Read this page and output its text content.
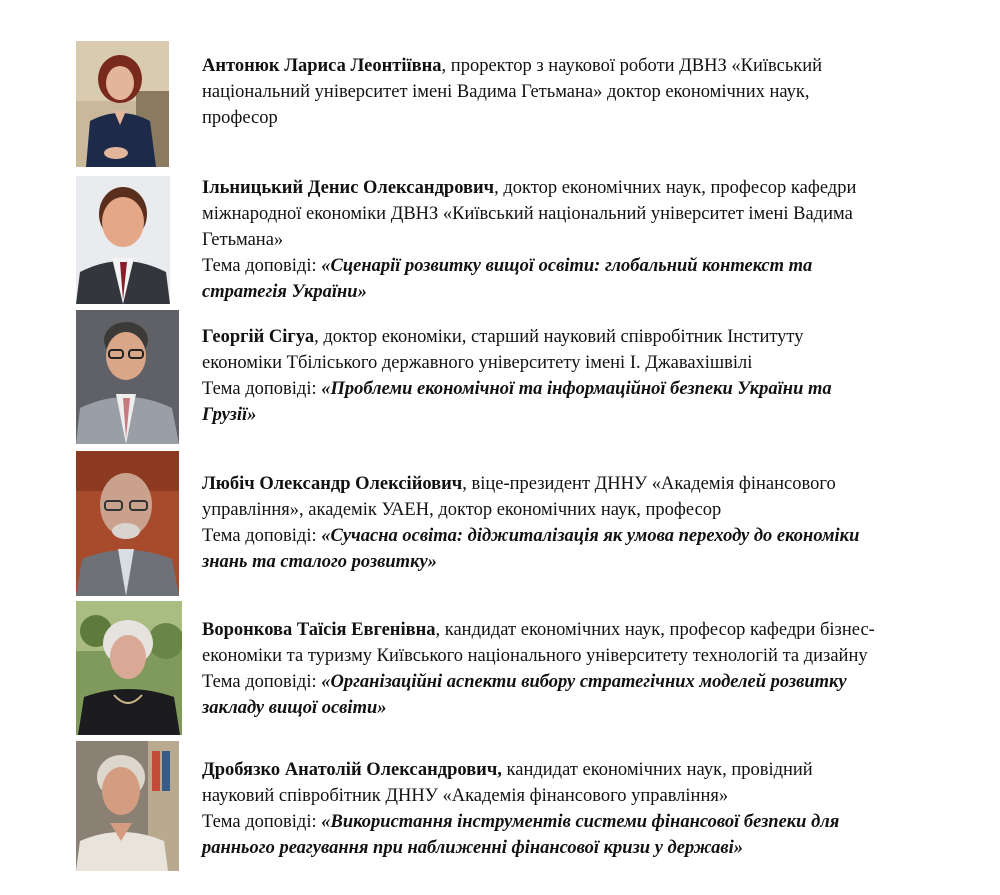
Антонюк Лариса Леонтіївна, проректор з наукової роботи ДВНЗ «Київський
національний університет імені Вадима Гетьмана» доктор економічних наук,
професор
Ільницький Денис Олександрович, доктор економічних наук, професор кафедри
міжнародної економіки ДВНЗ «Київський національний університет імені Вадима
Гетьмана»
Тема доповіді: «Сценарії розвитку вищої освіти: глобальний контекст та
стратегія України»
Георгій Сігуа, доктор економіки, старший науковий співробітник Інституту
економіки Тбіліського державного університету імені І. Джавахішвілі
Тема доповіді: «Проблеми економічної та інформаційної безпеки України та
Грузії»
Любіч Олександр Олексійович, віце-президент ДННУ «Академія фінансового
управління», академік УАЕН, доктор економічних наук, професор
Тема доповіді: «Сучасна освіта: діджиталізація як умова переходу до економіки
знань та сталого розвитку»
Воронкова Таїсія Евгенівна, кандидат економічних наук, професор кафедри бізнес-
економіки та туризму Київського національного університету технологій та дизайну
Тема доповіді: «Організаційні аспекти вибору стратегічних моделей розвитку
закладу вищої освіти»
Дробязко Анатолій Олександрович, кандидат економічних наук, провідний
науковий співробітник ДННУ «Академія фінансового управління»
Тема доповіді: «Використання інструментів системи фінансової безпеки для
раннього реагування при наближенні фінансової кризи у державі»
